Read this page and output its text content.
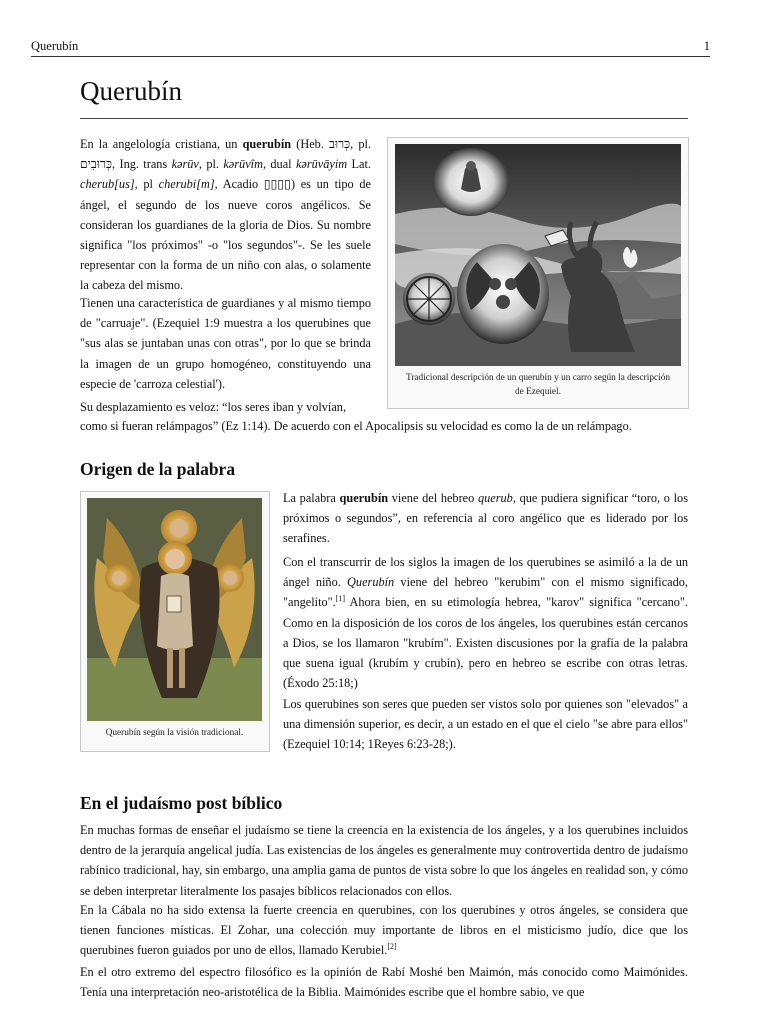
Querubín	1
Querubín

En la angelología cristiana, un querubín (Heb. כְּרוּב, pl. כְּרוּבִים, Ing. trans kərūv, pl. kərūvîm, dual kərūvāyim Lat. cherub[us], pl cherubi[m], Acadio ▯▯▯▯) es un tipo de ángel, el segundo de los nueve coros angélicos. Se consideran los guardianes de la gloria de Dios. Su nombre significa "los próximos" -o "los segundos"-. Se les suele representar con la forma de un niño con alas, o solamente la cabeza del mismo.

Tienen una característica de guardianes y al mismo tiempo de "carruaje". (Ezequiel 1:9 muestra a los querubines que "sus alas se juntaban unas con otras", por lo que se brinda la imagen de un grupo homogéneo, constituyendo una especie de 'carroza celestial').

Su desplazamiento es veloz: “los seres iban y volvían,

como si fueran relámpagos” (Ez 1:14). De acuerdo con el Apocalipsis su velocidad es como la de un relámpago.

Tradicional descripción de un querubín y un carro según la descripción de Ezequiel.
Origen de la palabra
Querubín según la visión tradicional.

La palabra querubín viene del hebreo querub, que pudiera significar “toro, o los próximos o segundos”, en referencia al coro angélico que es liderado por los serafines.

Con el transcurrir de los siglos la imagen de los querubines se asimiló a la de un ángel niño. Querubín viene del hebreo "kerubim" con el mismo significado, "angelito".[1] Ahora bien, en su etimología hebrea, "karov" significa "cercano". Como en la disposición de los coros de los ángeles, los querubines están cercanos a Dios, se los llamaron "krubím". Existen discusiones por la grafía de la palabra que suena igual (krubím y crubín), pero en hebreo se escribe con otras letras. (Éxodo 25:18;)

Los querubines son seres que pueden ser vistos solo por quienes son "elevados" a una dimensión superior, es decir, a un estado en el que el cielo "se abre para ellos" (Ezequiel 10:14; 1Reyes 6:23-28;).

En el judaísmo post bíblico

En muchas formas de enseñar el judaísmo se tiene la creencia en la existencia de los ángeles, y a los querubines incluidos dentro de la jerarquía angelical judía. Las existencias de los ángeles es generalmente muy controvertida dentro de judaísmo rabínico tradicional, hay, sin embargo, una amplia gama de puntos de vista sobre lo que los ángeles en realidad son, y cómo se deben interpretar literalmente los pasajes bíblicos relacionados con ellos.

En la Cábala no ha sido extensa la fuerte creencia en querubines, con los querubines y otros ángeles, se considera que tienen funciones místicas. El Zohar, una colección muy importante de libros en el misticismo judío, dice que los querubines fueron guiados por uno de ellos, llamado Kerubiel.[2]

En el otro extremo del espectro filosófico es la opinión de Rabí Moshé ben Maimón, más conocido como Maimónides. Tenía una interpretación neo-aristotélica de la Biblia. Maimónides escribe que el hombre sabio, ve que
